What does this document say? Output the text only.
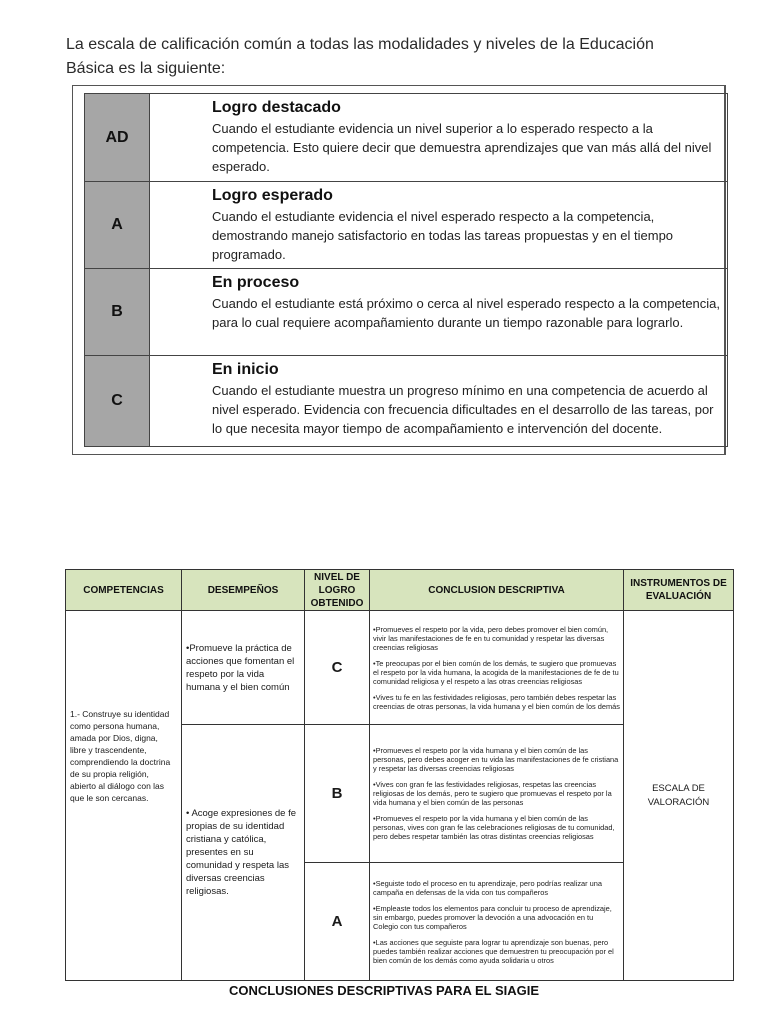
La escala de calificación común a todas las modalidades y niveles de la Educación Básica es la siguiente:
AD	Logro destacado
Cuando el estudiante evidencia un nivel superior a lo esperado respecto a la competencia. Esto quiere decir que demuestra aprendizajes que van más allá del nivel esperado.

A	Logro esperado
Cuando el estudiante evidencia el nivel esperado respecto a la competencia, demostrando manejo satisfactorio en todas las tareas propuestas y en el tiempo programado.

B	En proceso
Cuando el estudiante está próximo o cerca al nivel esperado respecto a la competencia, para lo cual requiere acompañamiento durante un tiempo razonable para lograrlo.

C	En inicio
Cuando el estudiante muestra un progreso mínimo en una competencia de acuerdo al nivel esperado. Evidencia con frecuencia dificultades en el desarrollo de las tareas, por lo que necesita mayor tiempo de acompañamiento e intervención del docente.
COMPETENCIAS	DESEMPEÑOS	NIVEL DE LOGRO OBTENIDO	CONCLUSION DESCRIPTIVA	INSTRUMENTOS DE EVALUACIÓN
1.- Construye su identidad como persona humana, amada por Dios, digna, libre y trascendente, comprendiendo la doctrina de su propia religión, abierto al diálogo con las que le son cercanas.	•Promueve la práctica de acciones que fomentan el respeto por la vida humana y el bien común	C	•Promueves el respeto por la vida, pero debes promover el bien común, vivir las manifestaciones de fe en tu comunidad y respetar las diversas creencias religiosas

•Te preocupas por el bien común de los demás, te sugiero que promuevas el respeto por la vida humana, la acogida de la manifestaciones de fe de tu comunidad religiosa y el respeto a las otras creencias religiosas

•Vives tu fe en las festividades religiosas, pero también debes respetar las creencias de otras personas, la vida humana y el bien común de los demás	ESCALA DE VALORACIÓN
	• Acoge expresiones de fe propias de su identidad cristiana y católica, presentes en su comunidad y respeta las diversas creencias religiosas.	B	•Promueves el respeto por la vida humana y el bien común de las personas, pero debes acoger en tu vida las manifestaciones de fe cristiana y respetar las diversas creencias religiosas

•Vives con gran fe las festividades religiosas, respetas las creencias religiosas de los demás, pero te sugiero que promuevas el respeto por la vida humana y el bien común de las personas

•Promueves el respeto por la vida humana y el bien común de las personas, vives con gran fe las celebraciones religiosas de tu comunidad, pero debes respetar también las otras distintas creencias religiosas	

		A	•Seguiste todo el proceso en tu aprendizaje, pero podrías realizar una campaña en defensas de la vida con tus compañeros

•Empleaste todos los elementos para concluir tu proceso de aprendizaje, sin embargo, puedes promover la devoción a una advocación en tu Colegio con tus compañeros

•Las acciones que seguiste para lograr tu aprendizaje son buenas, pero puedes también realizar acciones que demuestren tu preocupación por el bien común de los demás como ayuda solidaria u otros	

CONCLUSIONES DESCRIPTIVAS PARA EL SIAGIE
